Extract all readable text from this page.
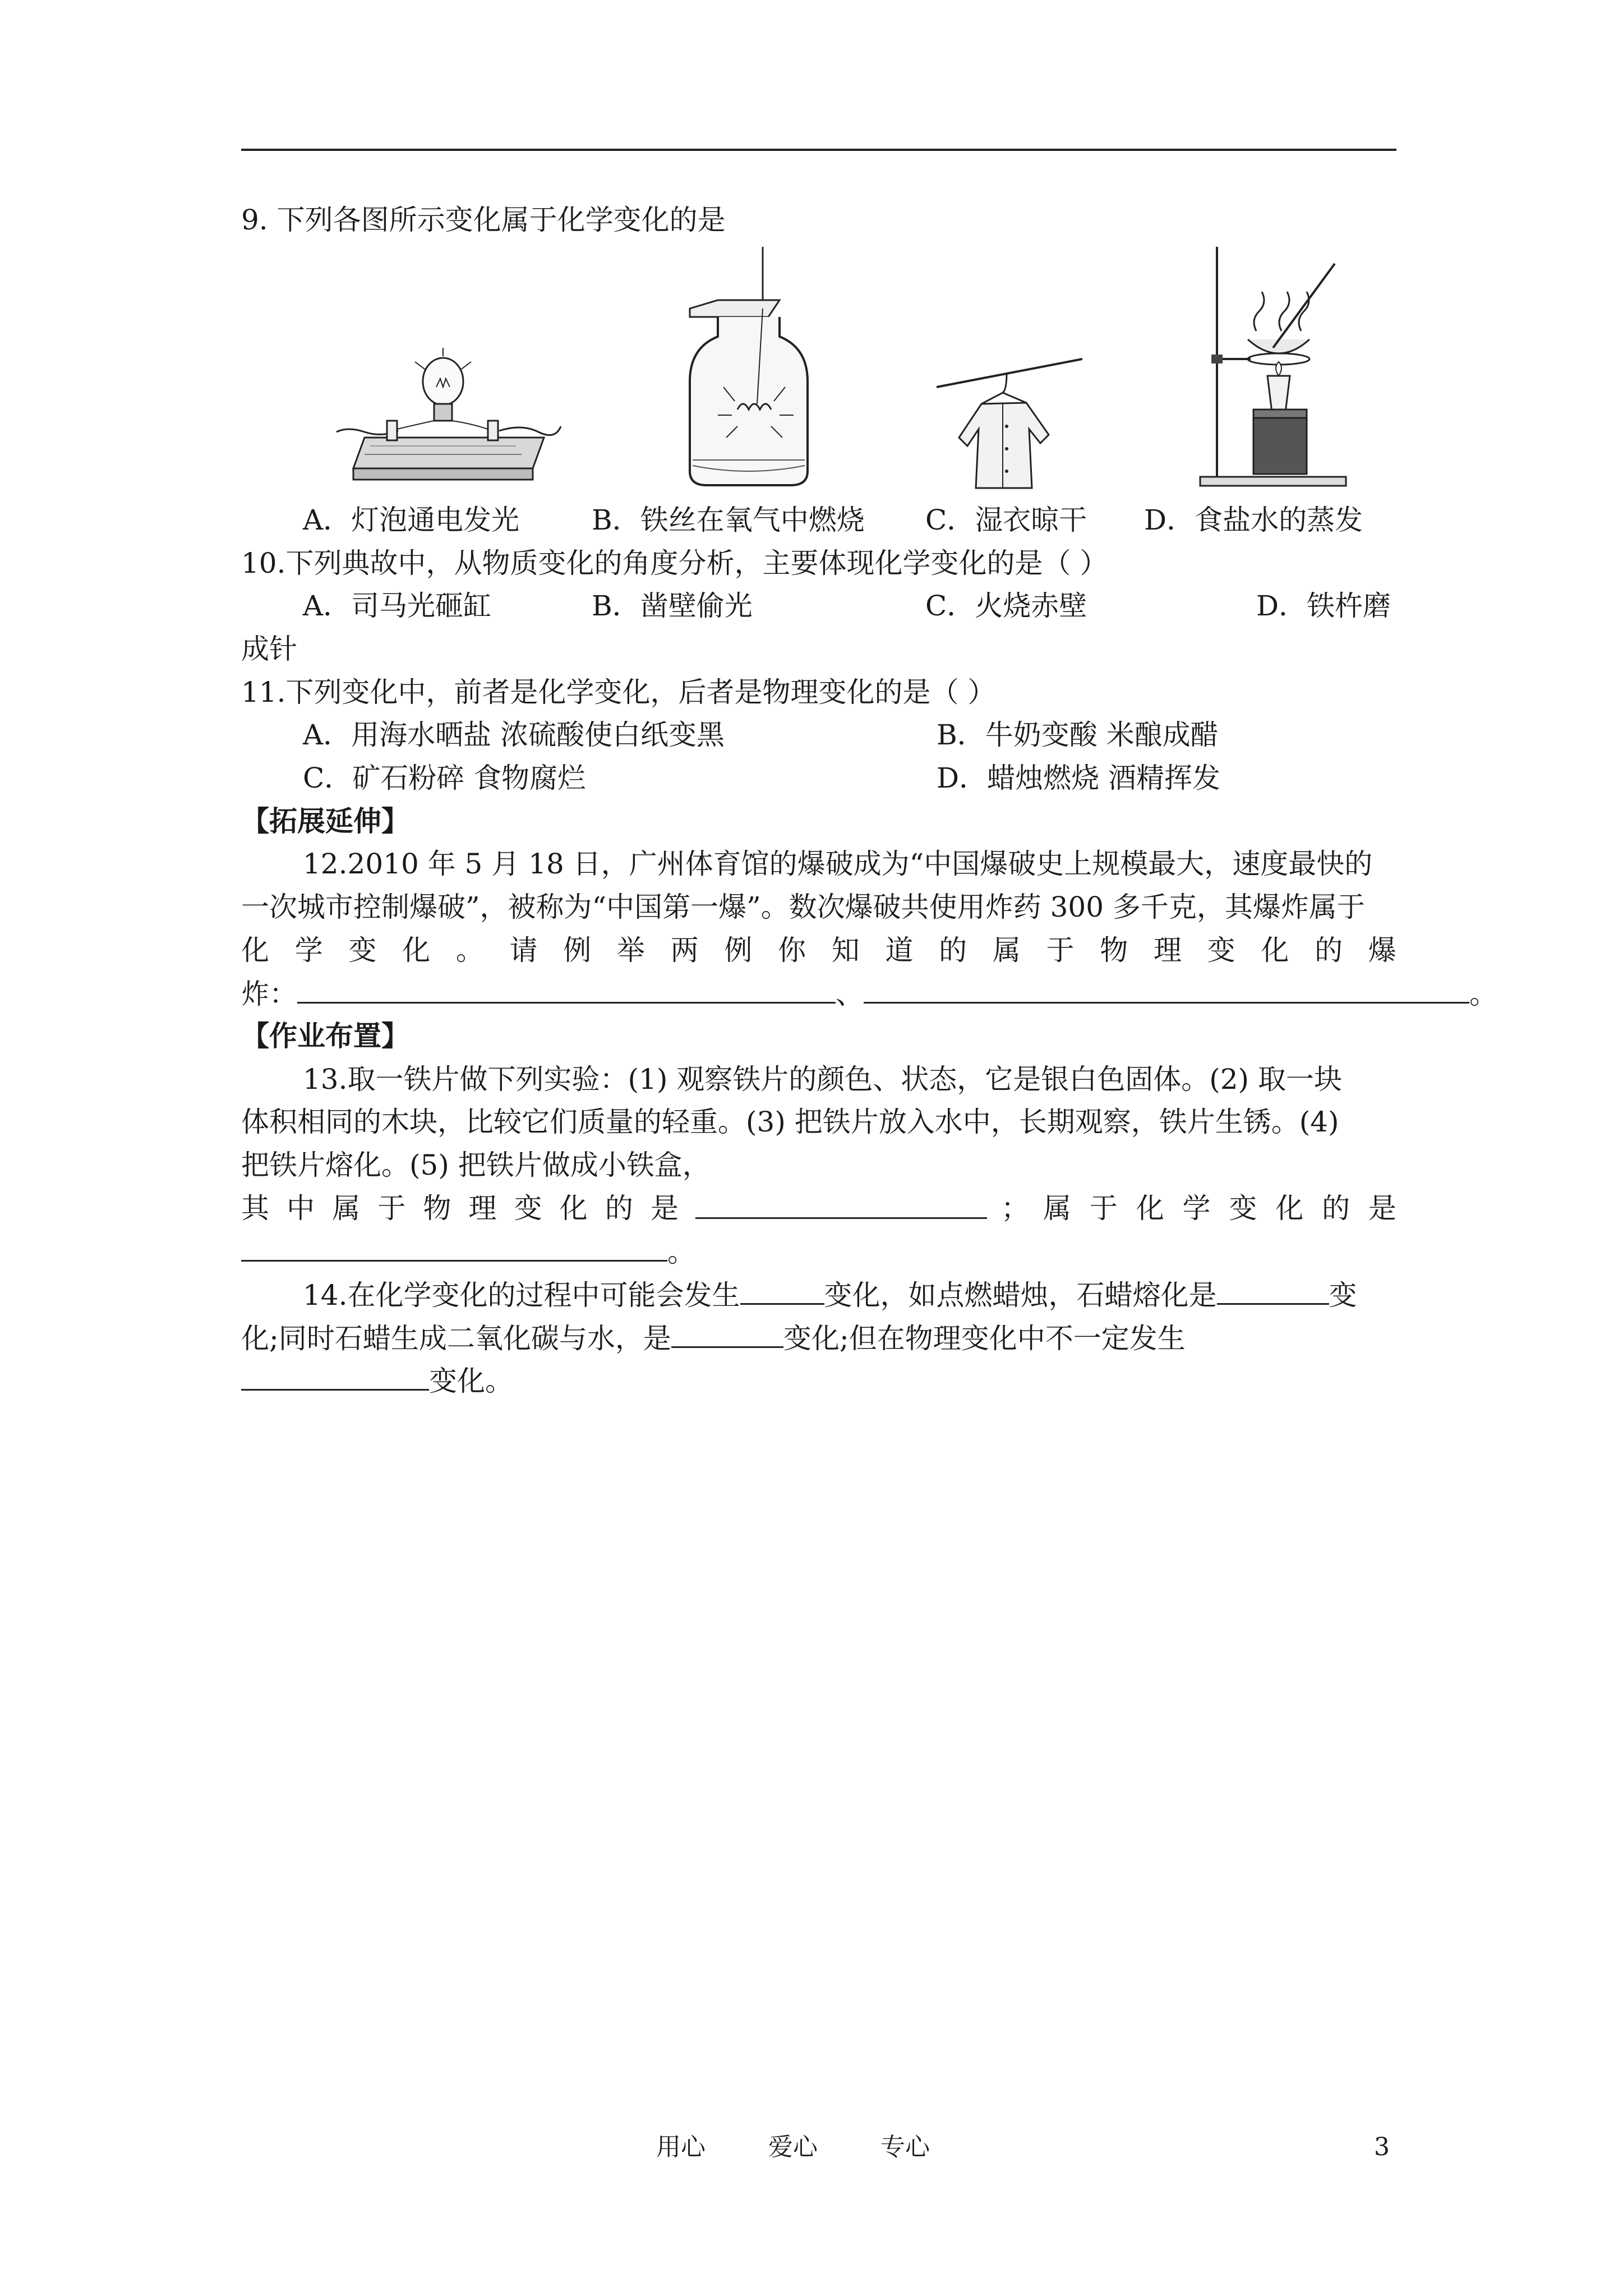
9. 下列各图所示变化属于化学变化的是
A．灯泡通电发光	B．铁丝在氧气中燃烧 C．湿衣晾干 D．食盐水的蒸发
10.下列典故中，从物质变化的角度分析，主要体现化学变化的是（ ）
A．司马光砸缸	B．凿壁偷光	C．火烧赤壁	D．铁杵磨
成针
11.下列变化中，前者是化学变化，后者是物理变化的是（ ）
A．用海水晒盐 浓硫酸使白纸变黑	B．牛奶变酸 米酿成醋
C．矿石粉碎 食物腐烂	D．蜡烛燃烧 酒精挥发
【拓展延伸】
12.2010 年 5 月 18 日，广州体育馆的爆破成为“中国爆破史上规模最大，速度最快的
一次城市控制爆破”，被称为“中国第一爆”。数次爆破共使用炸药 300 多千克，其爆炸属于
化 学 变 化 。 请 例 举 两 例 你 知 道 的 属 于 物 理 变 化 的 爆
炸：	、	。
【作业布置】
13.取一铁片做下列实验：(1) 观察铁片的颜色、状态，它是银白色固体。(2) 取一块
体积相同的木块，比较它们质量的轻重。(3) 把铁片放入水中，长期观察，铁片生锈。(4)
把铁片熔化。(5) 把铁片做成小铁盒，
其 中 属 于 物 理 变 化 的 是	； 属 于 化 学 变 化 的 是
。
14.在化学变化的过程中可能会发生	变化，如点燃蜡烛，石蜡熔化是	变
化;同时石蜡生成二氧化碳与水，是	变化;但在物理变化中不一定发生
变化。
用心	爱心	专心	3
